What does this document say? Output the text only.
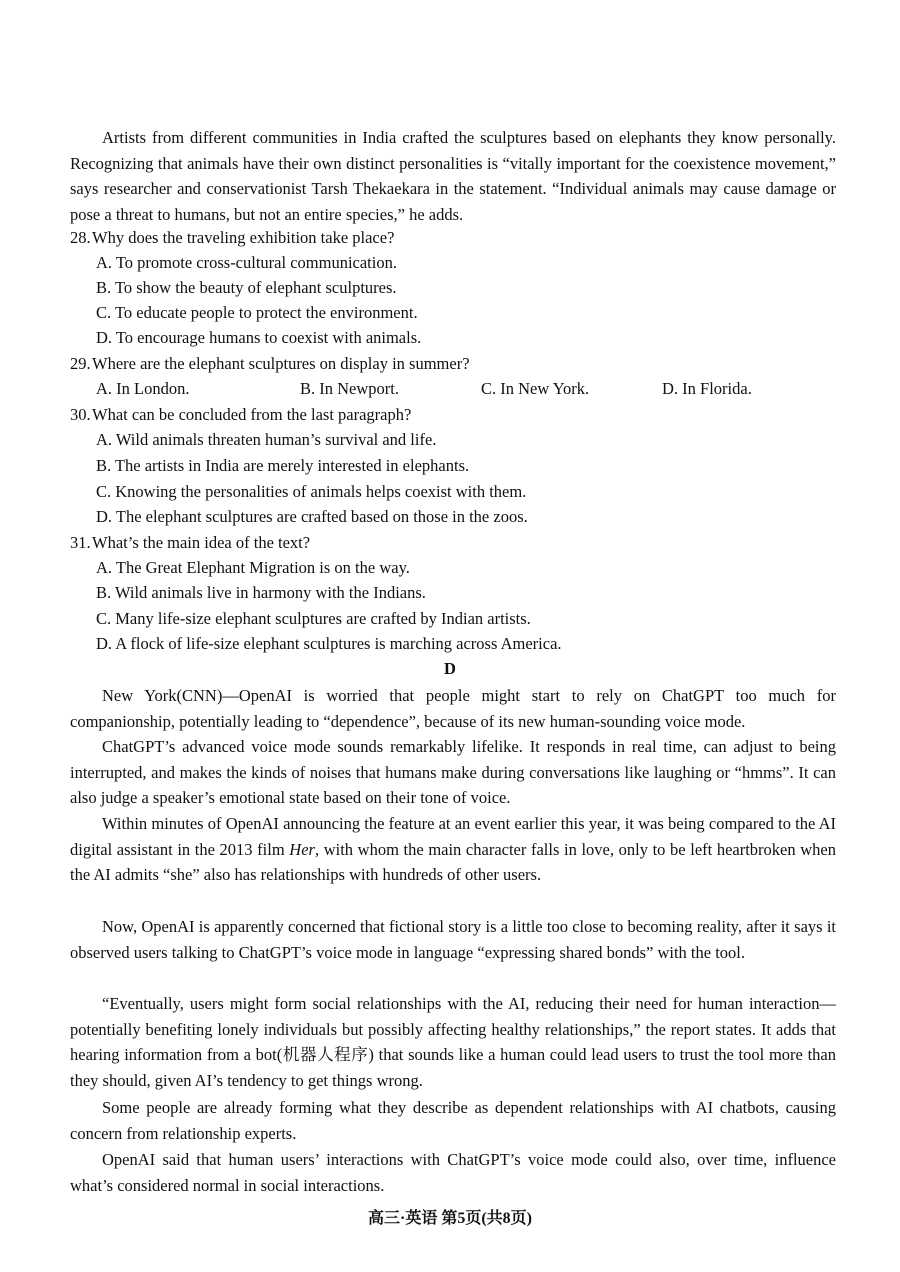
Artists from different communities in India crafted the sculptures based on elephants they know personally. Recognizing that animals have their own distinct personalities is “vitally important for the coexistence movement,” says researcher and conservationist Tarsh Thekaekara in the statement. “Individual animals may cause damage or pose a threat to humans, but not an entire species,” he adds.

28. Why does the traveling exhibition take place?
A. To promote cross-cultural communication.
B. To show the beauty of elephant sculptures.
C. To educate people to protect the environment.
D. To encourage humans to coexist with animals.
29. Where are the elephant sculptures on display in summer?
A. In London.	B. In Newport.	C. In New York.	D. In Florida.
30. What can be concluded from the last paragraph?
A. Wild animals threaten human’s survival and life.
B. The artists in India are merely interested in elephants.
C. Knowing the personalities of animals helps coexist with them.
D. The elephant sculptures are crafted based on those in the zoos.
31. What’s the main idea of the text?
A. The Great Elephant Migration is on the way.
B. Wild animals live in harmony with the Indians.
C. Many life-size elephant sculptures are crafted by Indian artists.
D. A flock of life-size elephant sculptures is marching across America.

D

New York(CNN)—OpenAI is worried that people might start to rely on ChatGPT too much for companionship, potentially leading to “dependence”, because of its new human-sounding voice mode.

ChatGPT’s advanced voice mode sounds remarkably lifelike. It responds in real time, can adjust to being interrupted, and makes the kinds of noises that humans make during conversations like laughing or “hmms”. It can also judge a speaker’s emotional state based on their tone of voice.

Within minutes of OpenAI announcing the feature at an event earlier this year, it was being compared to the AI digital assistant in the 2013 film Her, with whom the main character falls in love, only to be left heartbroken when the AI admits “she” also has relationships with hundreds of other users.

Now, OpenAI is apparently concerned that fictional story is a little too close to becoming reality, after it says it observed users talking to ChatGPT’s voice mode in language “expressing shared bonds” with the tool.

“Eventually, users might form social relationships with the AI, reducing their need for human interaction—potentially benefiting lonely individuals but possibly affecting healthy relationships,” the report states. It adds that hearing information from a bot(机器人程序) that sounds like a human could lead users to trust the tool more than they should, given AI’s tendency to get things wrong.

Some people are already forming what they describe as dependent relationships with AI chatbots, causing concern from relationship experts.

OpenAI said that human users’ interactions with ChatGPT’s voice mode could also, over time, influence what’s considered normal in social interactions.

高三·英语 第5页(共8页)
